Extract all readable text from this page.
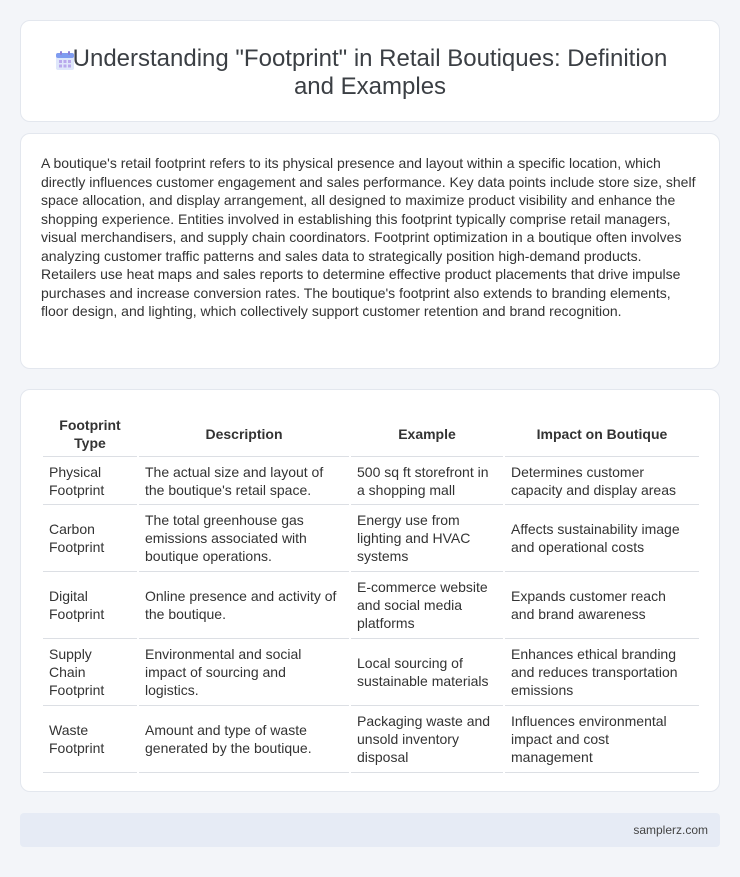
Understanding "Footprint" in Retail Boutiques: Definition and Examples

A boutique's retail footprint refers to its physical presence and layout within a specific location, which directly influences customer engagement and sales performance. Key data points include store size, shelf space allocation, and display arrangement, all designed to maximize product visibility and enhance the shopping experience. Entities involved in establishing this footprint typically comprise retail managers, visual merchandisers, and supply chain coordinators. Footprint optimization in a boutique often involves analyzing customer traffic patterns and sales data to strategically position high-demand products. Retailers use heat maps and sales reports to determine effective product placements that drive impulse purchases and increase conversion rates. The boutique's footprint also extends to branding elements, floor design, and lighting, which collectively support customer retention and brand recognition.

Footprint Type	Description	Example	Impact on Boutique
Physical Footprint	The actual size and layout of the boutique's retail space.	500 sq ft storefront in a shopping mall	Determines customer capacity and display areas
Carbon Footprint	The total greenhouse gas emissions associated with boutique operations.	Energy use from lighting and HVAC systems	Affects sustainability image and operational costs
Digital Footprint	Online presence and activity of the boutique.	E-commerce website and social media platforms	Expands customer reach and brand awareness
Supply Chain Footprint	Environmental and social impact of sourcing and logistics.	Local sourcing of sustainable materials	Enhances ethical branding and reduces transportation emissions
Waste Footprint	Amount and type of waste generated by the boutique.	Packaging waste and unsold inventory disposal	Influences environmental impact and cost management
samplerz.com
